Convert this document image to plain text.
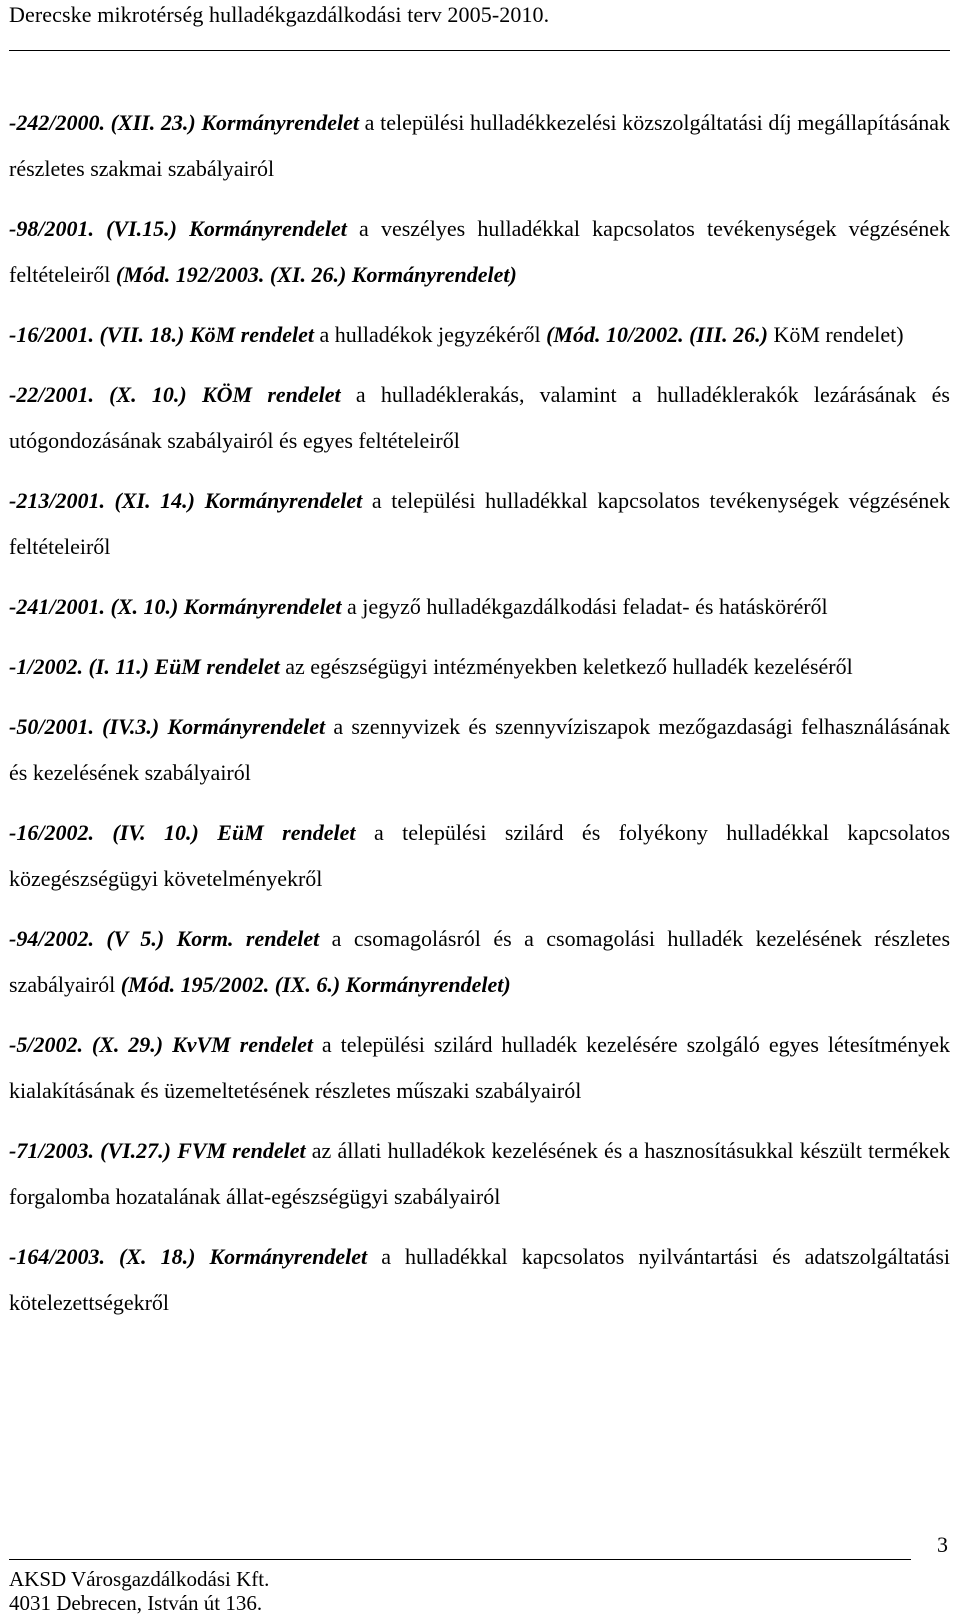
Derecske mikrotérség hulladékgazdálkodási terv 2005-2010.

-242/2000. (XII. 23.) Kormányrendelet a települési hulladékkezelési közszolgáltatási díj megállapításának részletes szakmai szabályairól

-98/2001. (VI.15.) Kormányrendelet a veszélyes hulladékkal kapcsolatos tevékenységek végzésének feltételeiről (Mód. 192/2003. (XI. 26.) Kormányrendelet)

-16/2001. (VII. 18.) KöM rendelet a hulladékok jegyzékéről (Mód. 10/2002. (III. 26.) KöM rendelet)

-22/2001. (X. 10.) KÖM rendelet a hulladéklerakás, valamint a hulladéklerakók lezárásának és utógondozásának szabályairól és egyes feltételeiről

-213/2001. (XI. 14.) Kormányrendelet a települési hulladékkal kapcsolatos tevékenységek végzésének feltételeiről

-241/2001. (X. 10.) Kormányrendelet a jegyző hulladékgazdálkodási feladat- és hatásköréről

-1/2002. (I. 11.) EüM rendelet az egészségügyi intézményekben keletkező hulladék kezeléséről

-50/2001. (IV.3.) Kormányrendelet a szennyvizek és szennyvíziszapok mezőgazdasági felhasználásának és kezelésének szabályairól

-16/2002. (IV. 10.) EüM rendelet a települési szilárd és folyékony hulladékkal kapcsolatos közegészségügyi követelményekről

-94/2002. (V 5.) Korm. rendelet a csomagolásról és a csomagolási hulladék kezelésének részletes szabályairól (Mód. 195/2002. (IX. 6.) Kormányrendelet)

-5/2002. (X. 29.) KvVM rendelet a települési szilárd hulladék kezelésére szolgáló egyes létesítmények kialakításának és üzemeltetésének részletes műszaki szabályairól

-71/2003. (VI.27.) FVM rendelet az állati hulladékok kezelésének és a hasznosításukkal készült termékek forgalomba hozatalának állat-egészségügyi szabályairól

-164/2003. (X. 18.) Kormányrendelet a hulladékkal kapcsolatos nyilvántartási és adatszolgáltatási kötelezettségekről

3
AKSD Városgazdálkodási Kft.
4031 Debrecen, István út 136.
